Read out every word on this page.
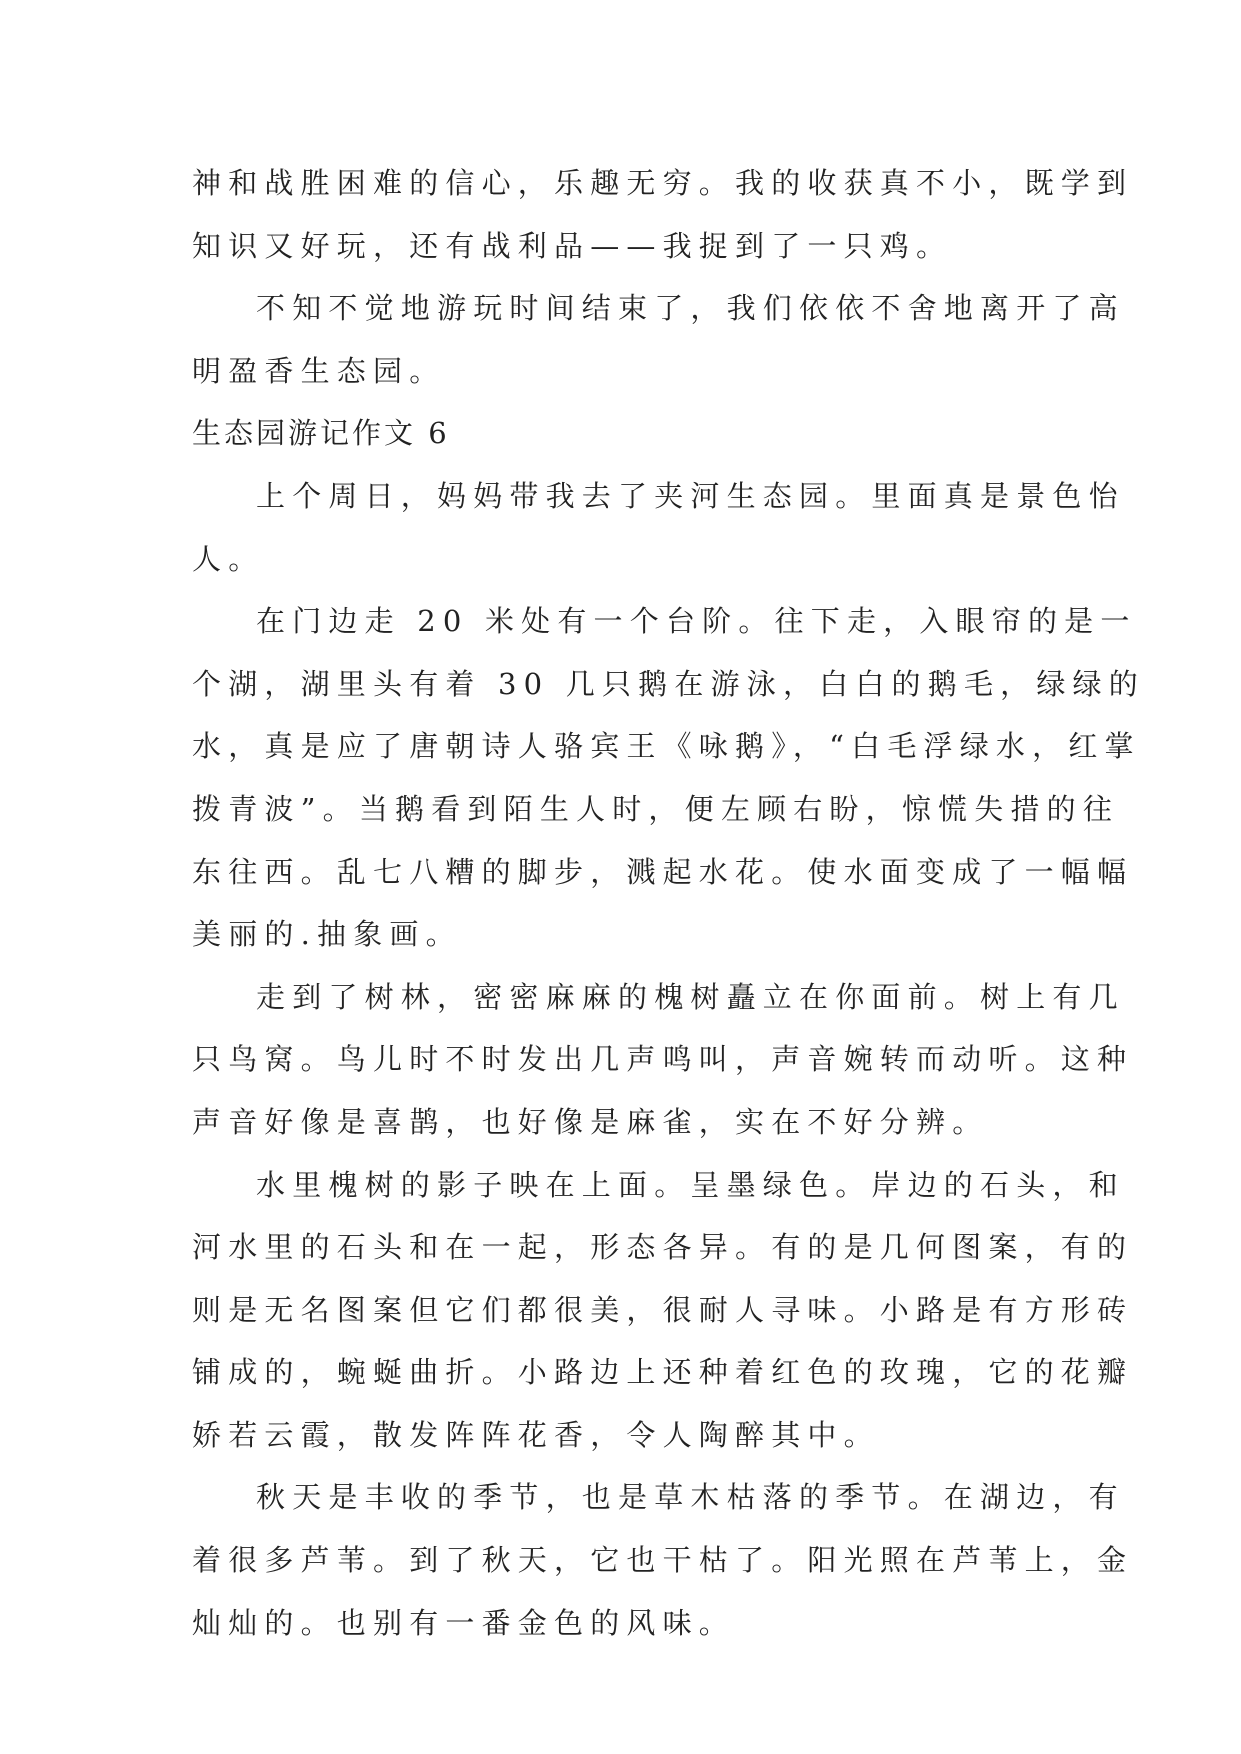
神和战胜困难的信心，乐趣无穷。我的收获真不小，既学到
知识又好玩，还有战利品——我捉到了一只鸡。
不知不觉地游玩时间结束了，我们依依不舍地离开了高
明盈香生态园。
生态园游记作文 6
上个周日，妈妈带我去了夹河生态园。里面真是景色怡
人。
在门边走 20 米处有一个台阶。往下走，入眼帘的是一
个湖，湖里头有着 30 几只鹅在游泳，白白的鹅毛，绿绿的
水，真是应了唐朝诗人骆宾王《咏鹅》，“白毛浮绿水，红掌
拨青波”。当鹅看到陌生人时，便左顾右盼，惊慌失措的往
东往西。乱七八糟的脚步，溅起水花。使水面变成了一幅幅
美丽的.抽象画。
走到了树林，密密麻麻的槐树矗立在你面前。树上有几
只鸟窝。鸟儿时不时发出几声鸣叫，声音婉转而动听。这种
声音好像是喜鹊，也好像是麻雀，实在不好分辨。
水里槐树的影子映在上面。呈墨绿色。岸边的石头，和
河水里的石头和在一起，形态各异。有的是几何图案，有的
则是无名图案但它们都很美，很耐人寻味。小路是有方形砖
铺成的，蜿蜒曲折。小路边上还种着红色的玫瑰，它的花瓣
娇若云霞，散发阵阵花香，令人陶醉其中。
秋天是丰收的季节，也是草木枯落的季节。在湖边，有
着很多芦苇。到了秋天，它也干枯了。阳光照在芦苇上，金
灿灿的。也别有一番金色的风味。
